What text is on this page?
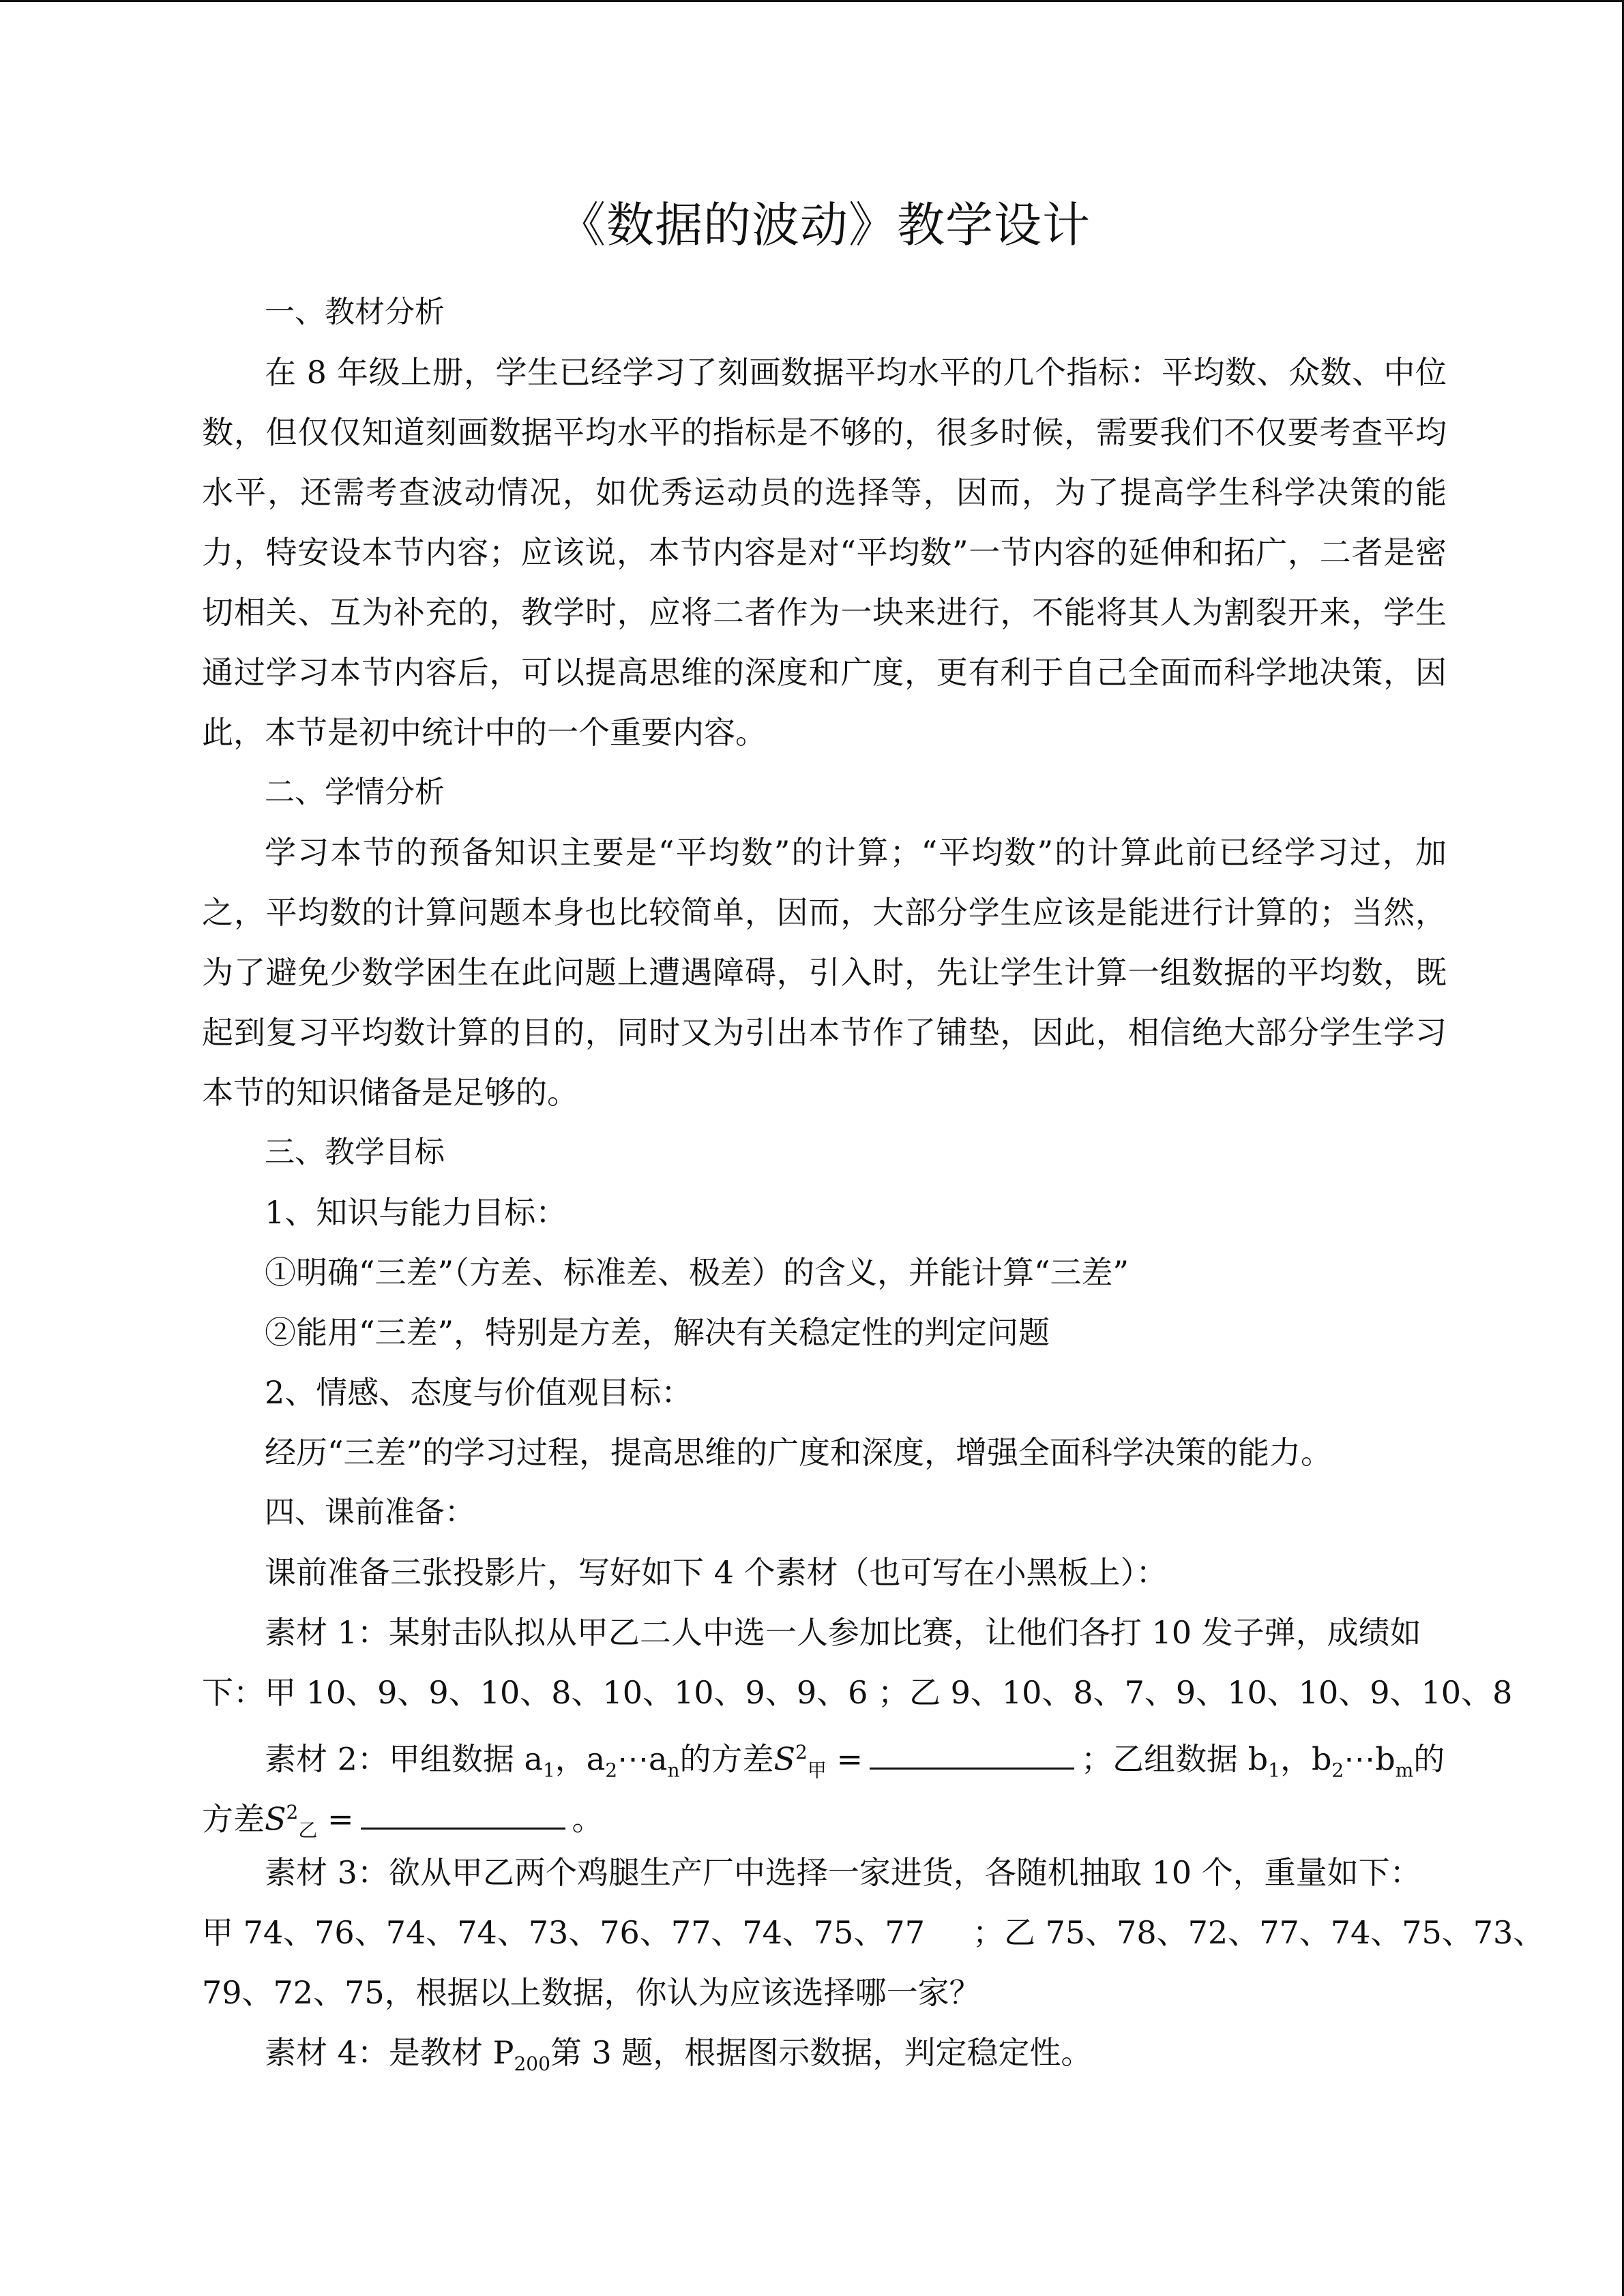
《数据的波动》教学设计
一、教材分析

在 8 年级上册，学生已经学习了刻画数据平均水平的几个指标：平均数、众数、中位数，但仅仅知道刻画数据平均水平的指标是不够的，很多时候，需要我们不仅要考查平均水平，还需考查波动情况，如优秀运动员的选择等，因而，为了提高学生科学决策的能力，特安设本节内容；应该说，本节内容是对“平均数”一节内容的延伸和拓广，二者是密切相关、互为补充的，教学时，应将二者作为一块来进行，不能将其人为割裂开来，学生通过学习本节内容后，可以提高思维的深度和广度，更有利于自己全面而科学地决策，因此，本节是初中统计中的一个重要内容。

二、学情分析

学习本节的预备知识主要是“平均数”的计算；“平均数”的计算此前已经学习过，加之，平均数的计算问题本身也比较简单，因而，大部分学生应该是能进行计算的；当然，为了避免少数学困生在此问题上遭遇障碍，引入时，先让学生计算一组数据的平均数，既起到复习平均数计算的目的，同时又为引出本节作了铺垫，因此，相信绝大部分学生学习本节的知识储备是足够的。

三、教学目标
1、知识与能力目标：
①明确“三差”（方差、标准差、极差）的含义，并能计算“三差”
②能用“三差”，特别是方差，解决有关稳定性的判定问题
2、情感、态度与价值观目标：
经历“三差”的学习过程，提高思维的广度和深度，增强全面科学决策的能力。
四、课前准备：
课前准备三张投影片，写好如下 4 个素材（也可写在小黑板上）：
素材 1：某射击队拟从甲乙二人中选一人参加比赛，让他们各打 10 发子弹，成绩如
下：甲 10、9、9、10、8、10、10、9、9、6 ；乙 9、10、8、7、9、10、10、9、10、8
素材 2：甲组数据 $a_1$，$a_2\cdots a_n$的方差$S^2_甲$ =	；乙组数据 $b_1$，$b_2\cdots b_m$的
方差$S^2_乙$ =	。
素材 3：欲从甲乙两个鸡腿生产厂中选择一家进货，各随机抽取 10 个，重量如下：
甲 74、76、74、74、73、76、77、74、75、77 ；乙 75、78、72、77、74、75、73、
79、72、75，根据以上数据，你认为应该选择哪一家？
素材 4：是教材 $P_{200}$第 3 题，根据图示数据，判定稳定性。
